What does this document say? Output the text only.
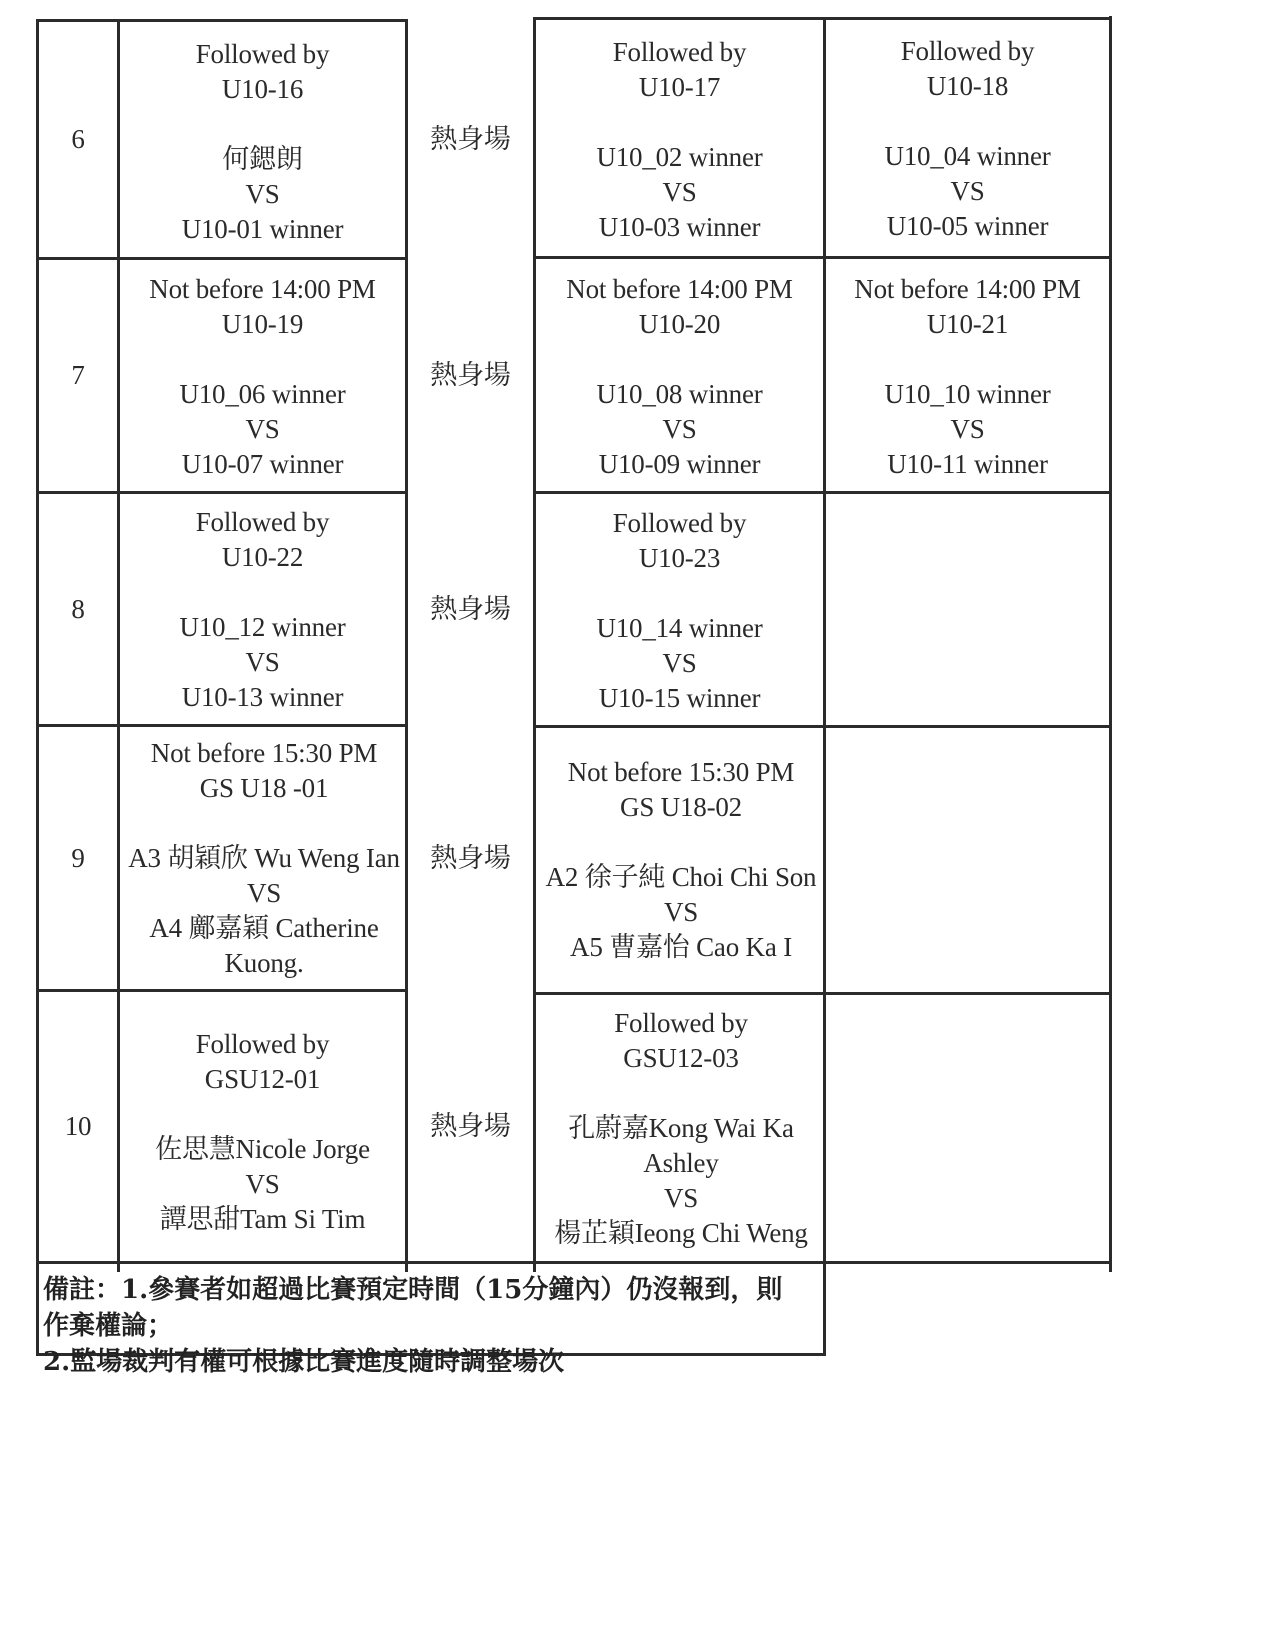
6
Followed by
U10-16
何鍶朗
VS
U10-01 winner
熱身場
Followed by
U10-17
U10_02 winner
VS
U10-03 winner
Followed by
U10-18
U10_04 winner
VS
U10-05 winner
7
Not before 14:00 PM
U10-19
U10_06 winner
VS
U10-07 winner
熱身場
Not before 14:00 PM
U10-20
U10_08 winner
VS
U10-09 winner
Not before 14:00 PM
U10-21
U10_10 winner
VS
U10-11 winner
8
Followed by
U10-22
U10_12 winner
VS
U10-13 winner
熱身場
Followed by
U10-23
U10_14 winner
VS
U10-15 winner
9
Not before 15:30 PM
GS U18 -01
A3 胡穎欣 Wu Weng Ian
VS
A4 鄺嘉穎 Catherine
Kuong.
熱身場
Not before 15:30 PM
GS U18-02
A2 徐子純 Choi Chi Son
VS
A5 曹嘉怡 Cao Ka I
10
Followed by
GSU12-01
佐思慧Nicole Jorge
VS
譚思甜Tam Si Tim
熱身場
Followed by
GSU12-03
孔蔚嘉Kong Wai Ka
Ashley
VS
楊芷穎Ieong Chi Weng
備註：1.參賽者如超過比賽預定時間（15分鐘內）仍沒報到，則
作棄權論；
2.監場裁判有權可根據比賽進度隨時調整場次
